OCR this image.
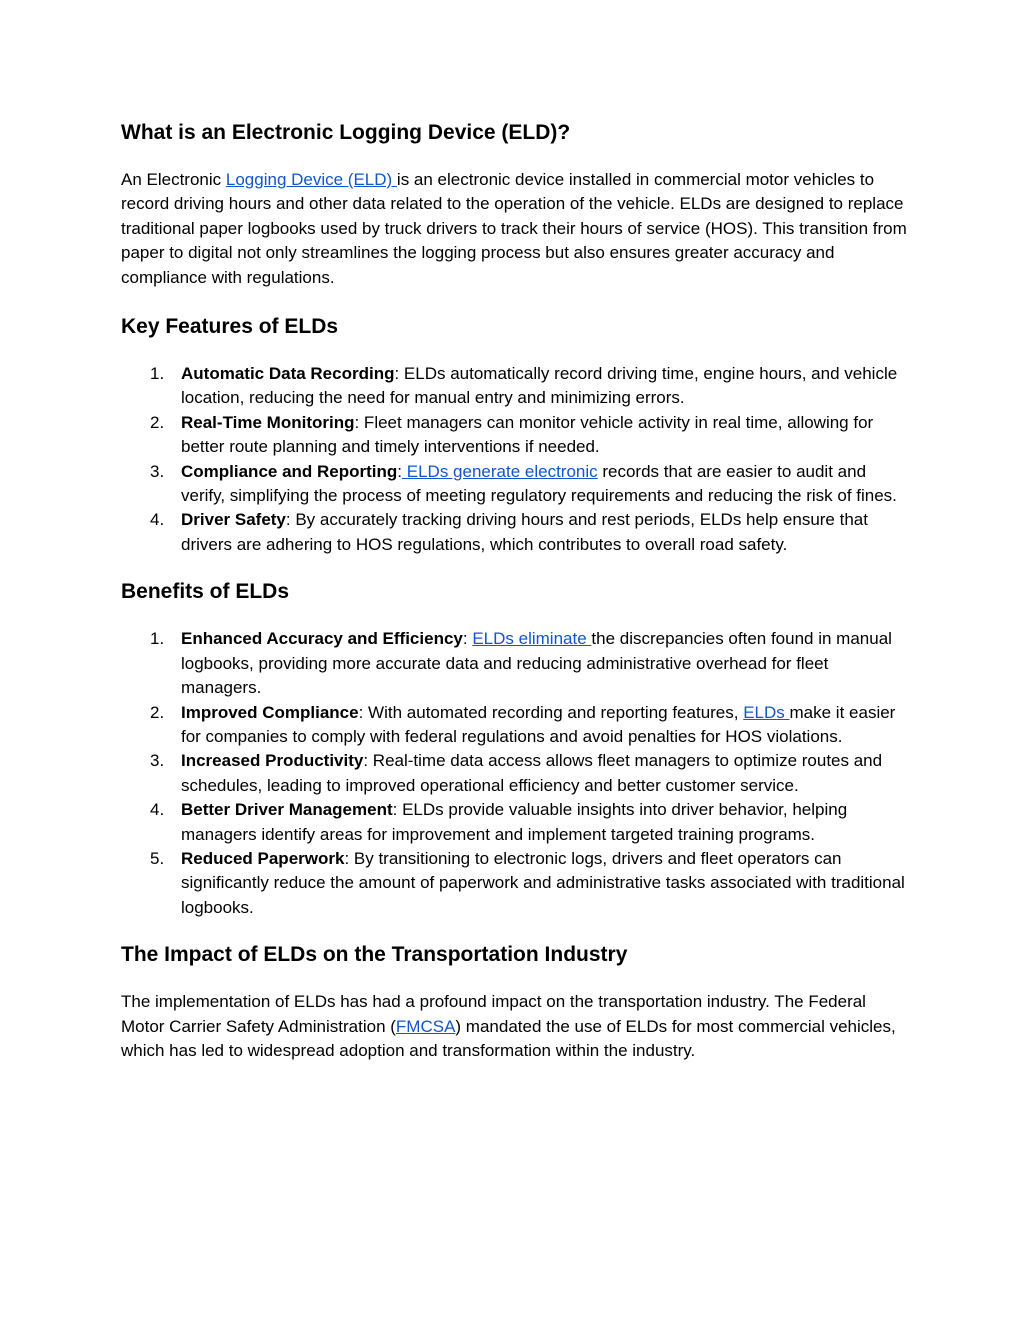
What is an Electronic Logging Device (ELD)?

An Electronic Logging Device (ELD) is an electronic device installed in commercial motor vehicles to record driving hours and other data related to the operation of the vehicle. ELDs are designed to replace traditional paper logbooks used by truck drivers to track their hours of service (HOS). This transition from paper to digital not only streamlines the logging process but also ensures greater accuracy and compliance with regulations.

Key Features of ELDs
1. Automatic Data Recording: ELDs automatically record driving time, engine hours, and vehicle location, reducing the need for manual entry and minimizing errors.
2. Real-Time Monitoring: Fleet managers can monitor vehicle activity in real time, allowing for better route planning and timely interventions if needed.
3. Compliance and Reporting: ELDs generate electronic records that are easier to audit and verify, simplifying the process of meeting regulatory requirements and reducing the risk of fines.
4. Driver Safety: By accurately tracking driving hours and rest periods, ELDs help ensure that drivers are adhering to HOS regulations, which contributes to overall road safety.
Benefits of ELDs
1. Enhanced Accuracy and Efficiency: ELDs eliminate the discrepancies often found in manual logbooks, providing more accurate data and reducing administrative overhead for fleet managers.
2. Improved Compliance: With automated recording and reporting features, ELDs make it easier for companies to comply with federal regulations and avoid penalties for HOS violations.
3. Increased Productivity: Real-time data access allows fleet managers to optimize routes and schedules, leading to improved operational efficiency and better customer service.
4. Better Driver Management: ELDs provide valuable insights into driver behavior, helping managers identify areas for improvement and implement targeted training programs.
5. Reduced Paperwork: By transitioning to electronic logs, drivers and fleet operators can significantly reduce the amount of paperwork and administrative tasks associated with traditional logbooks.
The Impact of ELDs on the Transportation Industry

The implementation of ELDs has had a profound impact on the transportation industry. The Federal Motor Carrier Safety Administration (FMCSA) mandated the use of ELDs for most commercial vehicles, which has led to widespread adoption and transformation within the industry.
